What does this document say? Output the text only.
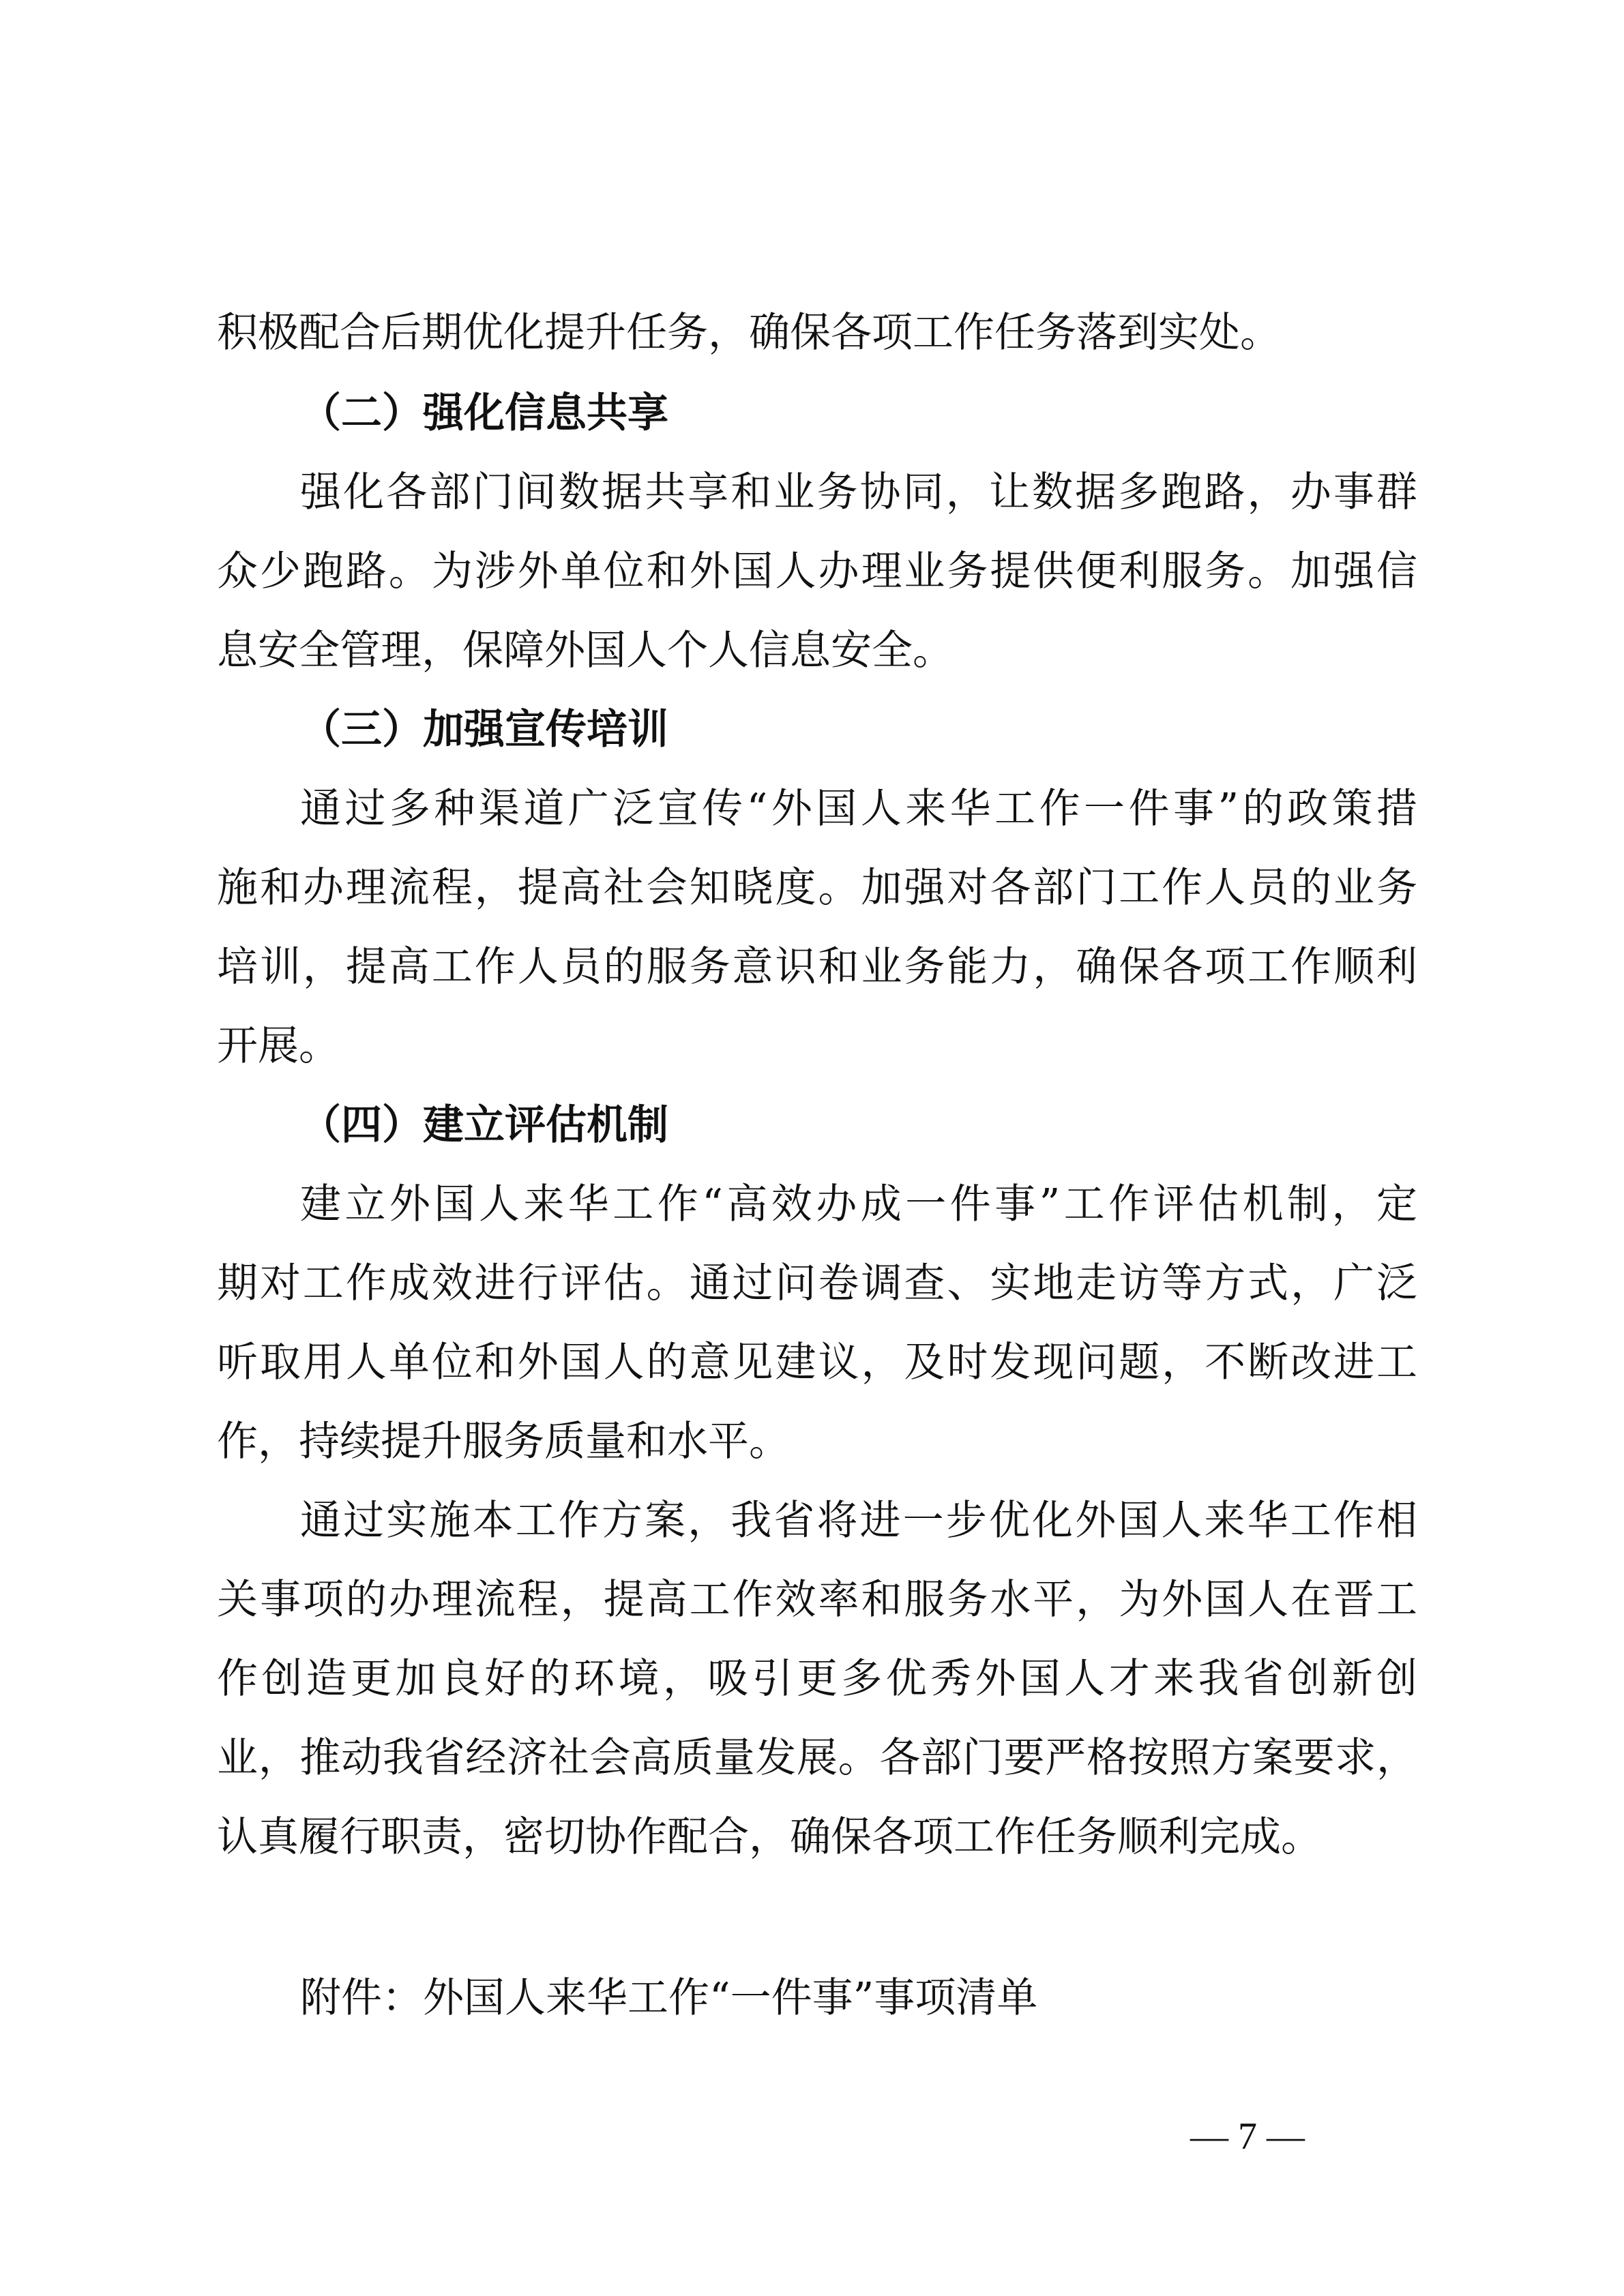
积极配合后期优化提升任务，确保各项工作任务落到实处。
（二）强化信息共享
强化各部门间数据共享和业务协同，让数据多跑路，办事群
众少跑路。为涉外单位和外国人办理业务提供便利服务。加强信
息安全管理，保障外国人个人信息安全。
（三）加强宣传培训
通过多种渠道广泛宣传“外国人来华工作一件事”的政策措
施和办理流程，提高社会知晓度。加强对各部门工作人员的业务
培训，提高工作人员的服务意识和业务能力，确保各项工作顺利
开展。
（四）建立评估机制
建立外国人来华工作“高效办成一件事”工作评估机制，定
期对工作成效进行评估。通过问卷调查、实地走访等方式，广泛
听取用人单位和外国人的意见建议，及时发现问题，不断改进工
作，持续提升服务质量和水平。
通过实施本工作方案，我省将进一步优化外国人来华工作相
关事项的办理流程，提高工作效率和服务水平，为外国人在晋工
作创造更加良好的环境，吸引更多优秀外国人才来我省创新创
业，推动我省经济社会高质量发展。各部门要严格按照方案要求，
认真履行职责，密切协作配合，确保各项工作任务顺利完成。
附件：外国人来华工作“一件事”事项清单
— 7 —
